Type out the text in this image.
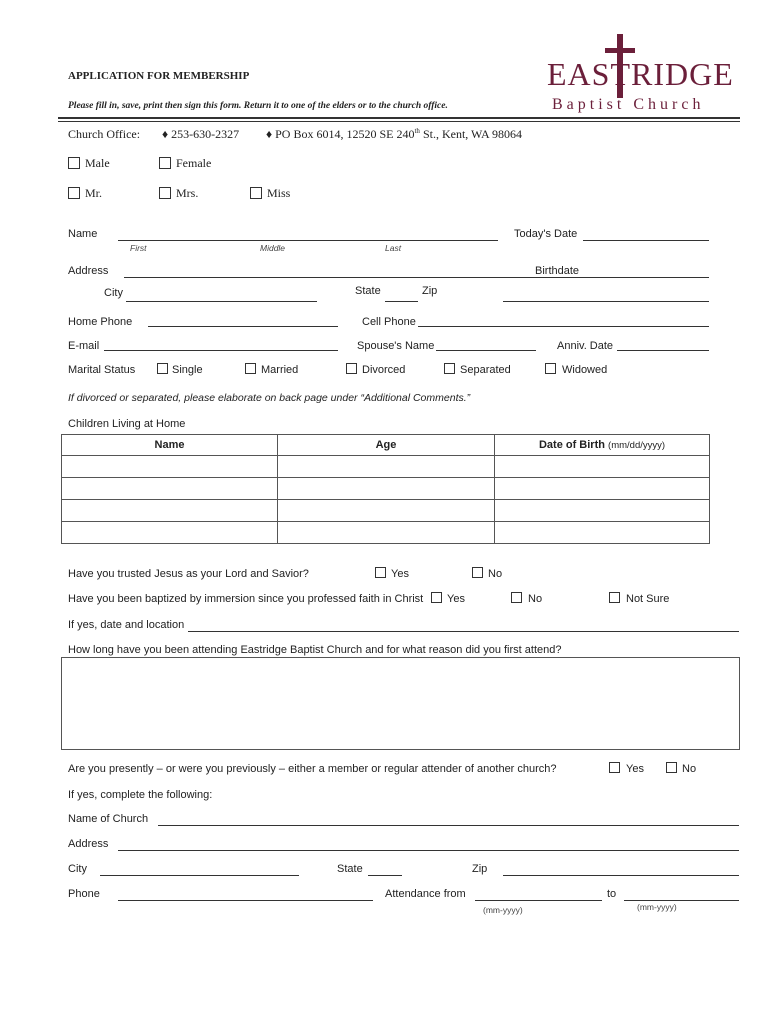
APPLICATION FOR MEMBERSHIP
Please fill in, save, print then sign this form. Return it to one of the elders or to the church office.
EASTRIDGE
Baptist Church
Church Office: ♦ 253-630-2327 ♦ PO Box 6014, 12520 SE 240th St., Kent, WA 98064
Male	Female
Mr.	Mrs.	Miss
Name
First	Middle	Last
Today's Date
Address	Birthdate
City	State	Zip
Home Phone	Cell Phone
E-mail	Spouse's Name	Anniv. Date
Marital Status	Single	Married	Divorced	Separated	Widowed
If divorced or separated, please elaborate on back page under “Additional Comments.”
Children Living at Home
Name	Age	Date of Birth (mm/dd/yyyy)

Have you trusted Jesus as your Lord and Savior?	Yes	No
Have you been baptized by immersion since you professed faith in Christ Yes	No	Not Sure
If yes, date and location
How long have you been attending Eastridge Baptist Church and for what reason did you first attend?
Are you presently – or were you previously – either a member or regular attender of another church?	Yes	No
If yes, complete the following:
Name of Church
Address
City	State	Zip
Phone	Attendance from	to
(mm-yyyy)	(mm-yyyy)
